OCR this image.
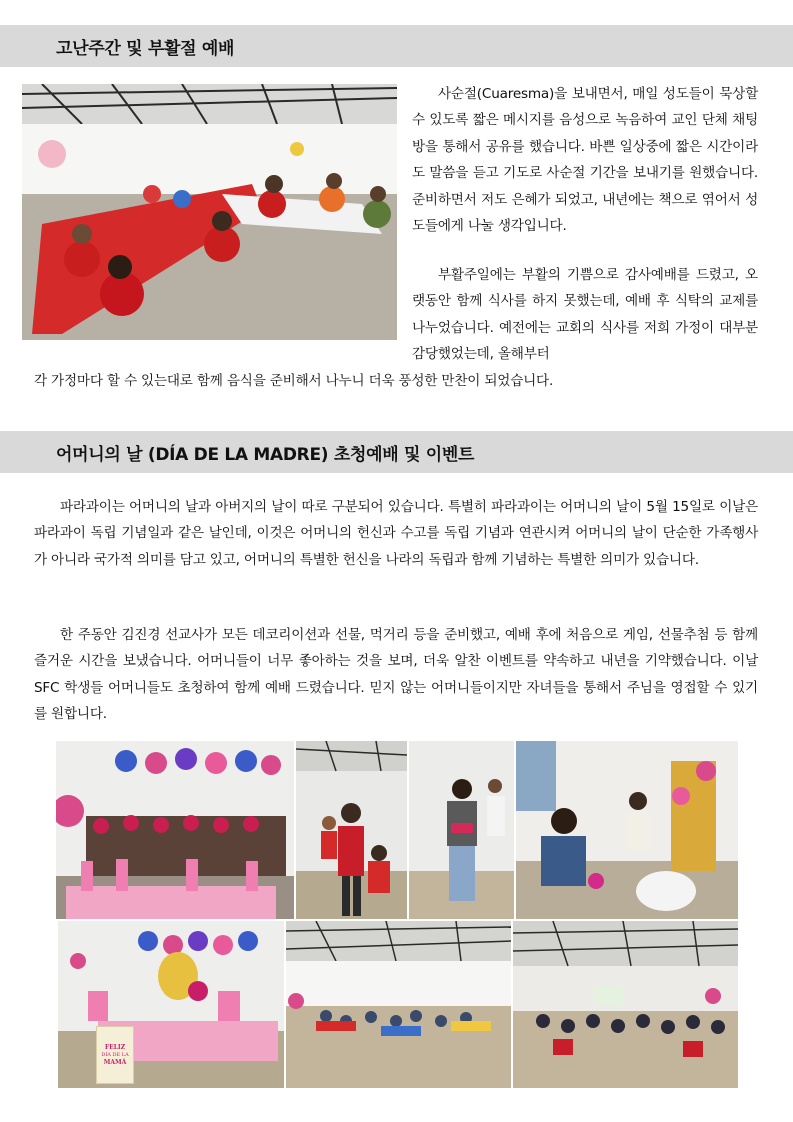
고난주간 및 부활절 예배

사순절(Cuaresma)을 보내면서, 매일 성도들이 묵상할 수 있도록 짧은 메시지를 음성으로 녹음하여 교인 단체 채팅방을 통해서 공유를 했습니다. 바쁜 일상중에 짧은 시간이라도 말씀을 듣고 기도로 사순절 기간을 보내기를 원했습니다. 준비하면서 저도 은혜가 되었고, 내년에는 책으로 엮어서 성도들에게 나눌 생각입니다.

부활주일에는 부활의 기쁨으로 감사예배를 드렸고, 오랫동안 함께 식사를 하지 못했는데, 예배 후 식탁의 교제를 나누었습니다. 예전에는 교회의 식사를 저희 가정이 대부분 감당했었는데, 올해부터

각 가정마다 할 수 있는대로 함께 음식을 준비해서 나누니 더욱 풍성한 만찬이 되었습니다.

어머니의 날 (DÍA DE LA MADRE) 초청예배 및 이벤트

파라과이는 어머니의 날과 아버지의 날이 따로 구분되어 있습니다. 특별히 파라과이는 어머니의 날이 5월 15일로 이날은 파라과이 독립 기념일과 같은 날인데, 이것은 어머니의 헌신과 수고를 독립 기념과 연관시켜 어머니의 날이 단순한 가족행사가 아니라 국가적 의미를 담고 있고, 어머니의 특별한 헌신을 나라의 독립과 함께 기념하는 특별한 의미가 있습니다.

한 주동안 김진경 선교사가 모든 데코리이션과 선물, 먹거리 등을 준비했고, 예배 후에 처음으로 게임, 선물추첨 등 함께 즐거운 시간을 보냈습니다. 어머니들이 너무 좋아하는 것을 보며, 더욱 알찬 이벤트를 약속하고 내년을 기약했습니다. 이날 SFC 학생들 어머니들도 초청하여 함께 예배 드렸습니다. 믿지 않는 어머니들이지만 자녀들을 통해서 주님을 영접할 수 있기를 원합니다.

FELIZ
DÍA DE LA
MAMÁ
